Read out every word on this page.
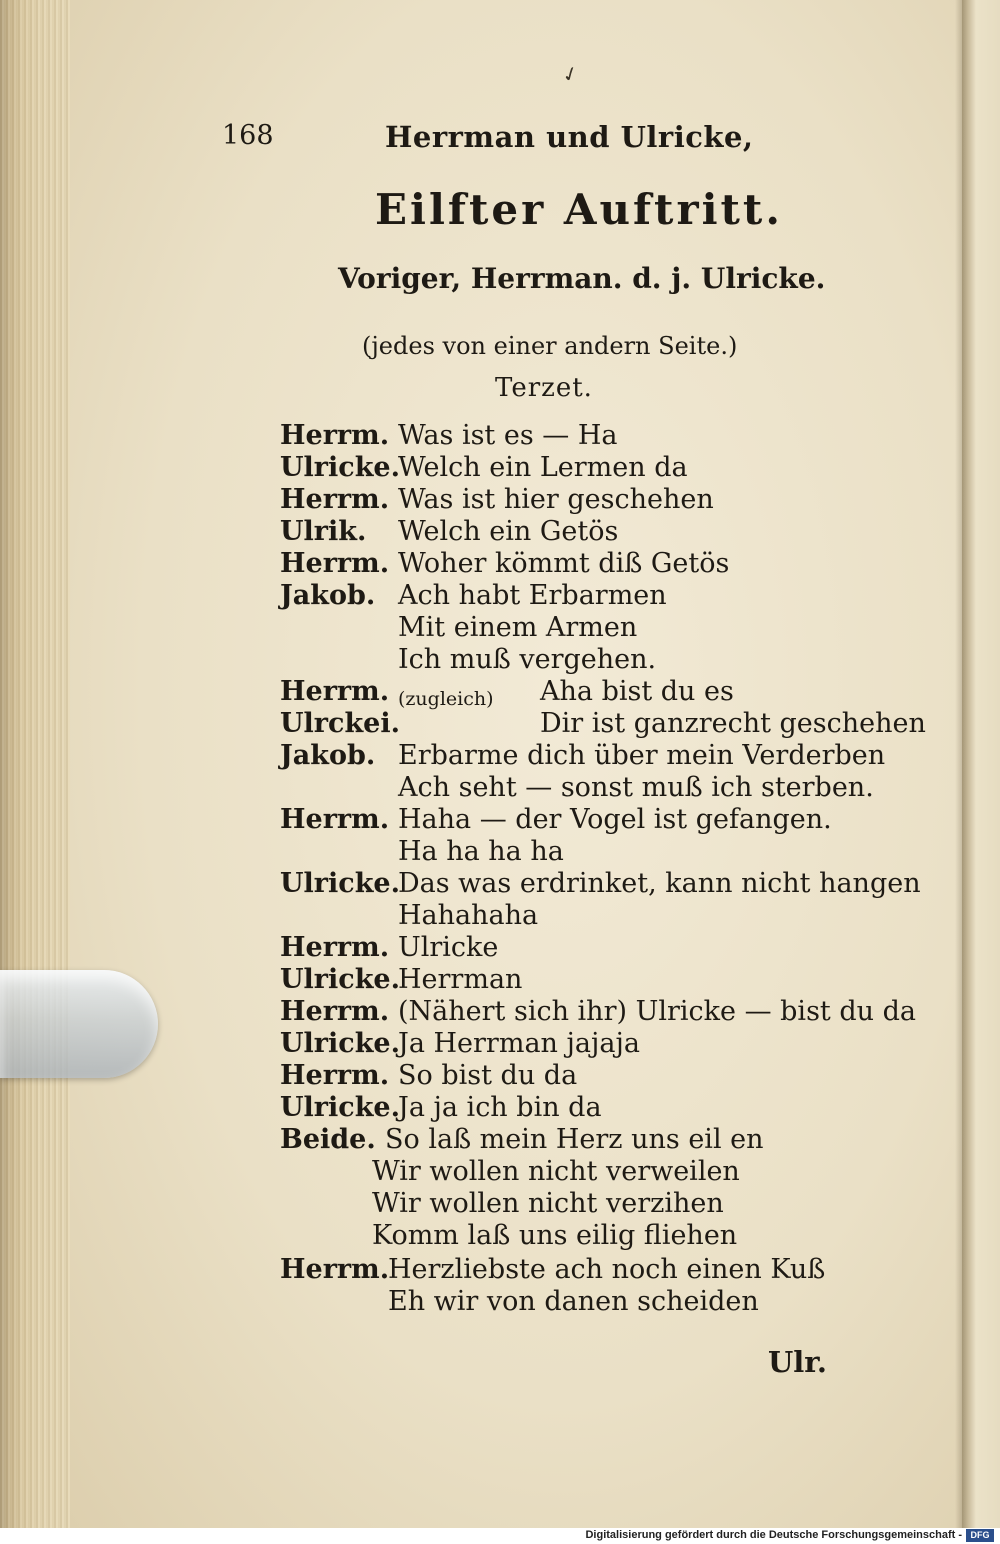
✓
168	Herrman und Ulricke,
Eilfter Auftritt.
Voriger, Herrman. d. j. Ulricke.
(jedes von einer andern Seite.)
Terzet.
Herrm. Was ist es — Ha
Ulricke.
Welch ein Lermen da
Herrm. Was ist hier geschehen
Ulrik. Welch ein Getös
Herrm. Woher kömmt diß Getös
Jakob. Ach habt Erbarmen
Mit einem Armen
Ich muß vergehen.
Herrm. (zugleich) Aha bist du es
Ulrckei.	Dir ist ganzrecht geschehen
Jakob. Erbarme dich über mein Verderben
Ach seht — sonst muß ich sterben.
Herrm. Haha — der Vogel ist gefangen.
Ha ha ha ha
Ulricke.
Das was erdrinket, kann nicht hangen
Hahahaha
Herrm. Ulricke
Ulricke.
Herrman
Herrm. (Nähert sich ihr) Ulricke — bist du da
Ulricke.
Ja Herrman jajaja
Herrm. So bist du da
Ulricke.
Ja ja ich bin da
Beide. So laß mein Herz uns eil en
Wir wollen nicht verweilen
Wir wollen nicht verzihen
Komm laß uns eilig fliehen
Herrm.
Herzliebste ach noch einen Kuß
Eh wir von danen scheiden
Ulr.
Digitalisierung gefördert durch die Deutsche Forschungsgemeinschaft - DFG
